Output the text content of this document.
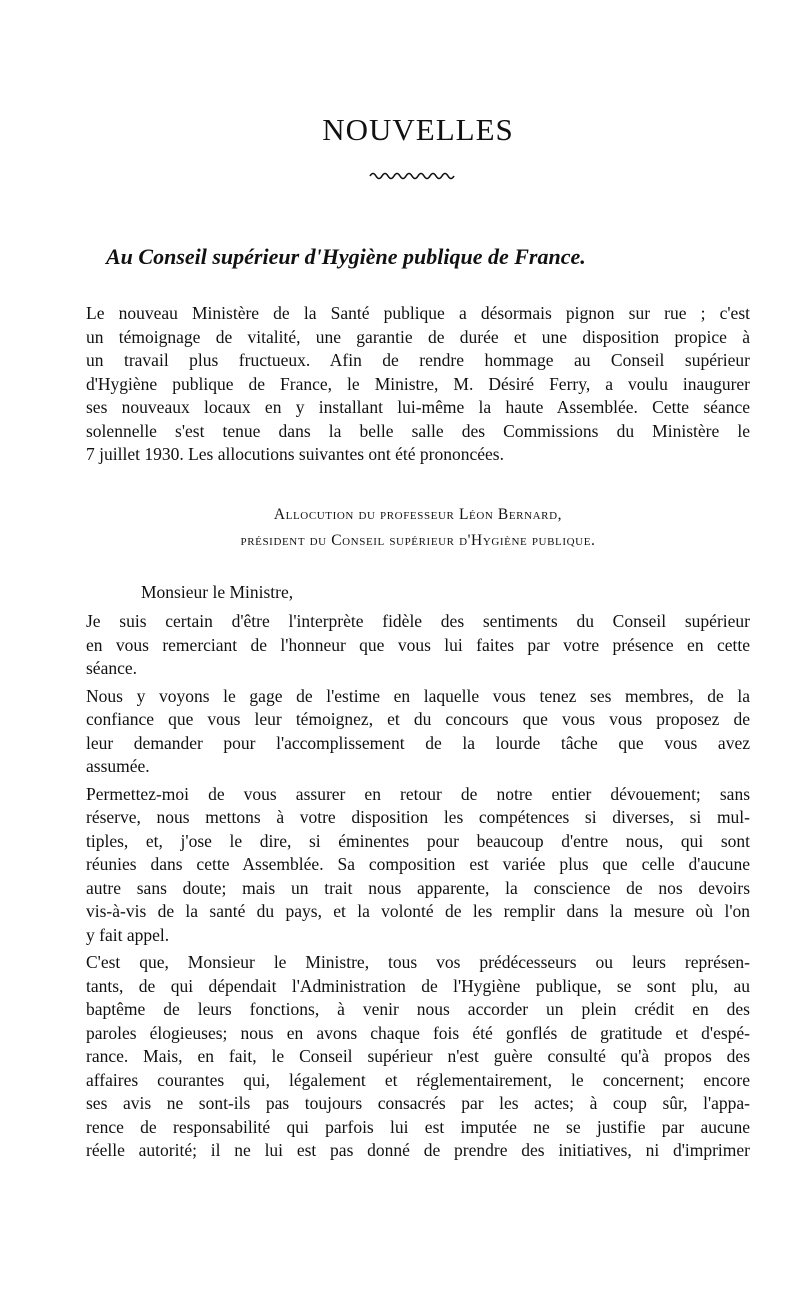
NOUVELLES
Au Conseil supérieur d'Hygiène publique de France.
Le nouveau Ministère de la Santé publique a désormais pignon sur rue ; c'est
un témoignage de vitalité, une garantie de durée et une disposition propice à
un travail plus fructueux. Afin de rendre hommage au Conseil supérieur
d'Hygiène publique de France, le Ministre, M. Désiré Ferry, a voulu inaugurer
ses nouveaux locaux en y installant lui-même la haute Assemblée. Cette séance
solennelle s'est tenue dans la belle salle des Commissions du Ministère le
7 juillet 1930. Les allocutions suivantes ont été prononcées.
Allocution du professeur Léon Bernard,
président du Conseil supérieur d'Hygiène publique.
Monsieur le Ministre,
Je suis certain d'être l'interprète fidèle des sentiments du Conseil supérieur
en vous remerciant de l'honneur que vous lui faites par votre présence en cette
séance.
Nous y voyons le gage de l'estime en laquelle vous tenez ses membres, de la
confiance que vous leur témoignez, et du concours que vous vous proposez de
leur demander pour l'accomplissement de la lourde tâche que vous avez
assumée.
Permettez-moi de vous assurer en retour de notre entier dévouement; sans
réserve, nous mettons à votre disposition les compétences si diverses, si mul-
tiples, et, j'ose le dire, si éminentes pour beaucoup d'entre nous, qui sont
réunies dans cette Assemblée. Sa composition est variée plus que celle d'aucune
autre sans doute; mais un trait nous apparente, la conscience de nos devoirs
vis-à-vis de la santé du pays, et la volonté de les remplir dans la mesure où l'on
y fait appel.
C'est que, Monsieur le Ministre, tous vos prédécesseurs ou leurs représen-
tants, de qui dépendait l'Administration de l'Hygiène publique, se sont plu, au
baptême de leurs fonctions, à venir nous accorder un plein crédit en des
paroles élogieuses; nous en avons chaque fois été gonflés de gratitude et d'espé-
rance. Mais, en fait, le Conseil supérieur n'est guère consulté qu'à propos des
affaires courantes qui, légalement et réglementairement, le concernent; encore
ses avis ne sont-ils pas toujours consacrés par les actes; à coup sûr, l'appa-
rence de responsabilité qui parfois lui est imputée ne se justifie par aucune
réelle autorité; il ne lui est pas donné de prendre des initiatives, ni d'imprimer
